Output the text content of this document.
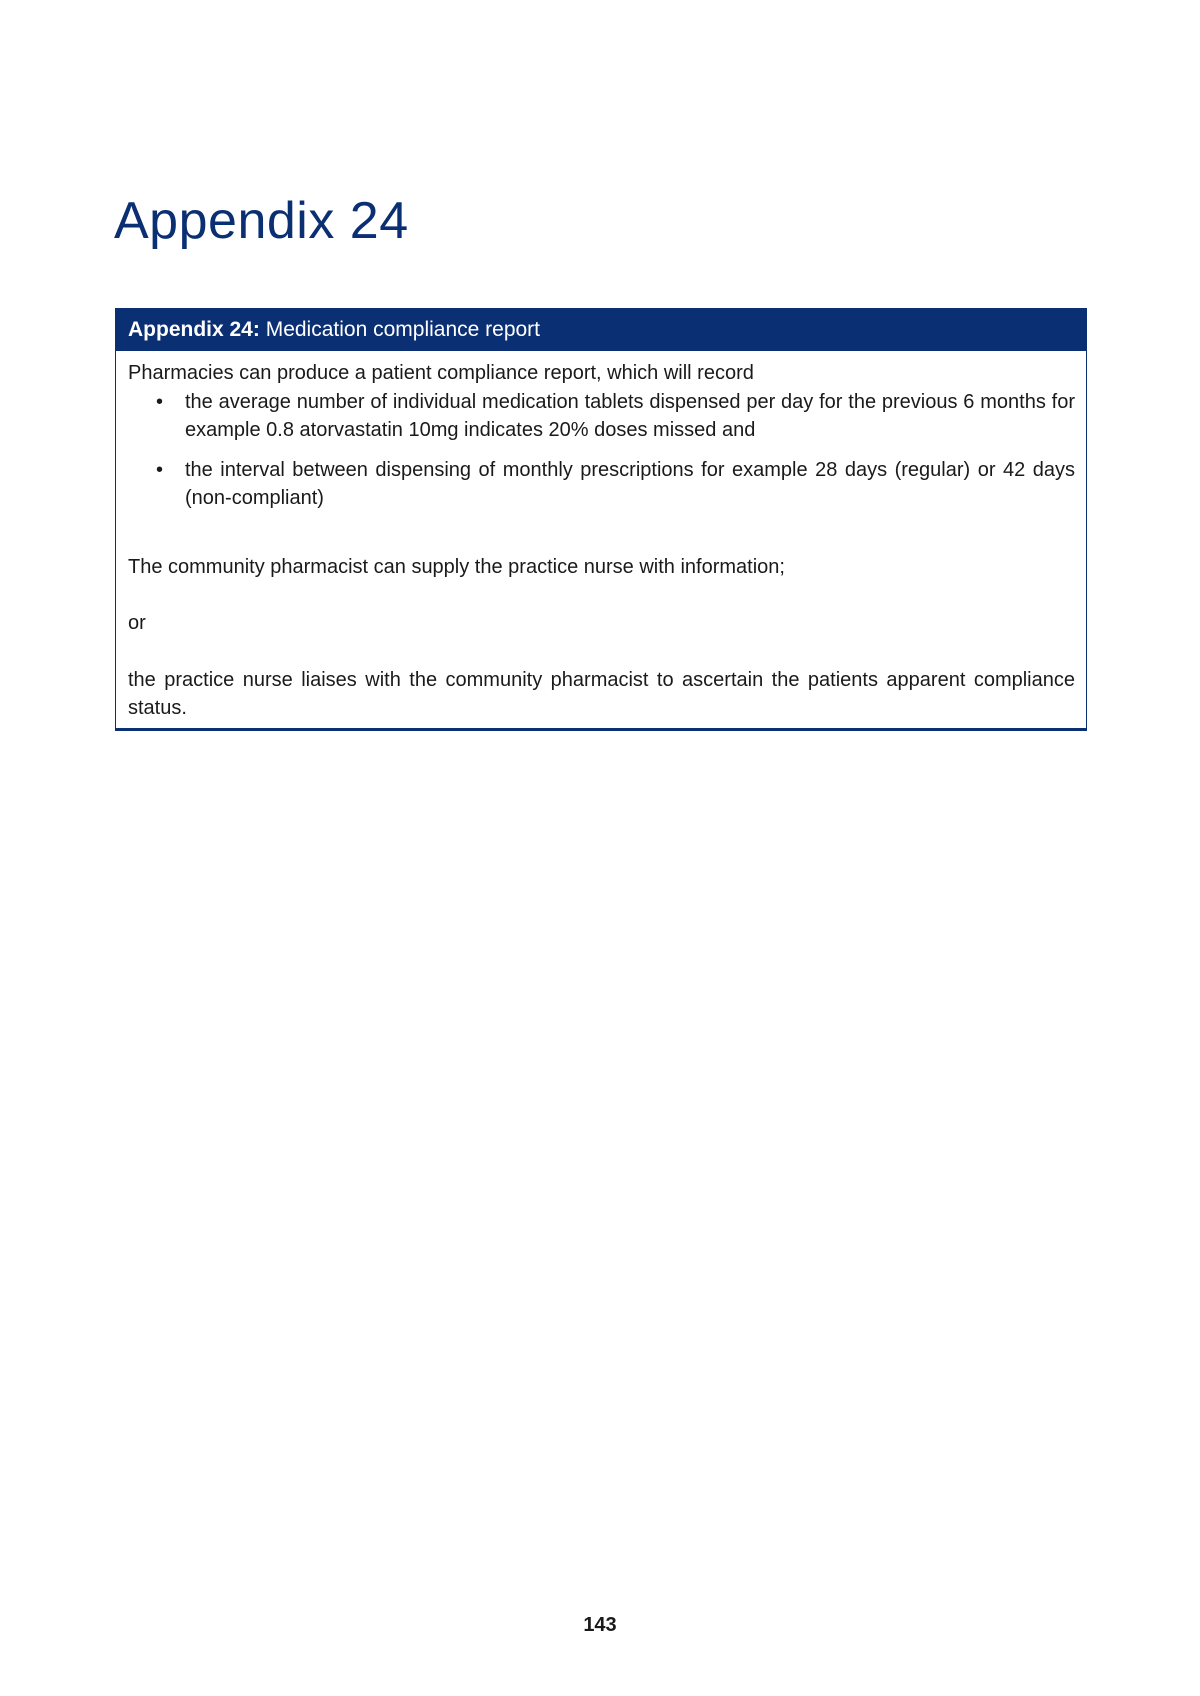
Appendix 24
Appendix 24: Medication compliance report

Pharmacies can produce a patient compliance report, which will record

• the average number of individual medication tablets dispensed per day for the previous 6 months for example 0.8 atorvastatin 10mg indicates 20% doses missed and
• the interval between dispensing of monthly prescriptions for example 28 days (regular) or 42 days (non-compliant)

The community pharmacist can supply the practice nurse with information;

or

the practice nurse liaises with the community pharmacist to ascertain the patients apparent compliance status.

143
